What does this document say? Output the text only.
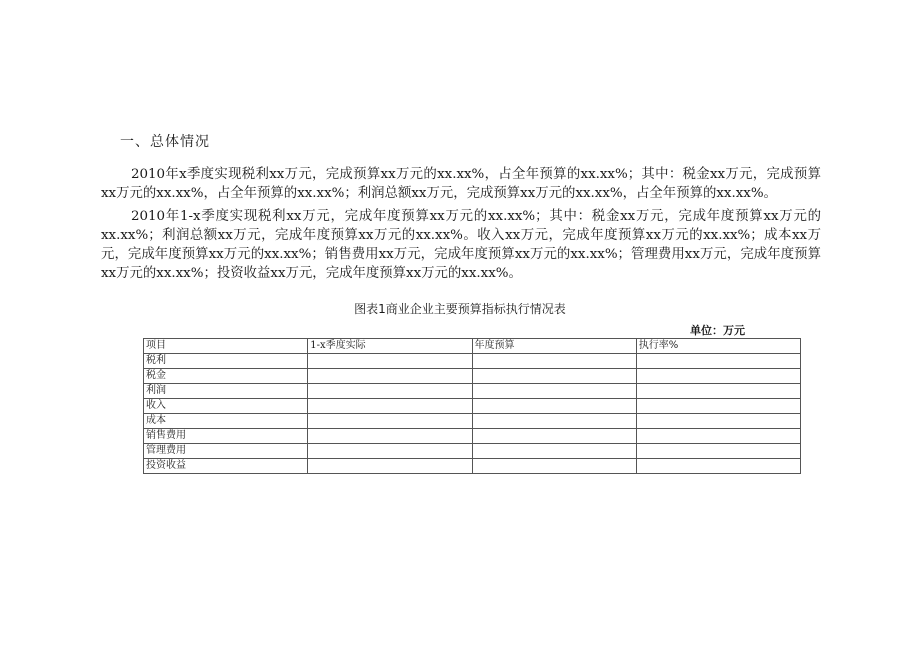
一、总体情况

2010年x季度实现税利xx万元，完成预算xx万元的xx.xx%，占全年预算的xx.xx%；其中：税金xx万元，完成预算xx万元的xx.xx%，占全年预算的xx.xx%；利润总额xx万元，完成预算xx万元的xx.xx%，占全年预算的xx.xx%。

2010年1-x季度实现税利xx万元，完成年度预算xx万元的xx.xx%；其中：税金xx万元，完成年度预算xx万元的xx.xx%；利润总额xx万元，完成年度预算xx万元的xx.xx%。收入xx万元，完成年度预算xx万元的xx.xx%；成本xx万元，完成年度预算xx万元的xx.xx%；销售费用xx万元，完成年度预算xx万元的xx.xx%；管理费用xx万元，完成年度预算xx万元的xx.xx%；投资收益xx万元，完成年度预算xx万元的xx.xx%。

图表1商业企业主要预算指标执行情况表
单位：万元
项目	1-x季度实际	年度预算	执行率%
税利			
税金			
利润			
收入			
成本			
销售费用			
管理费用			
投资收益			
